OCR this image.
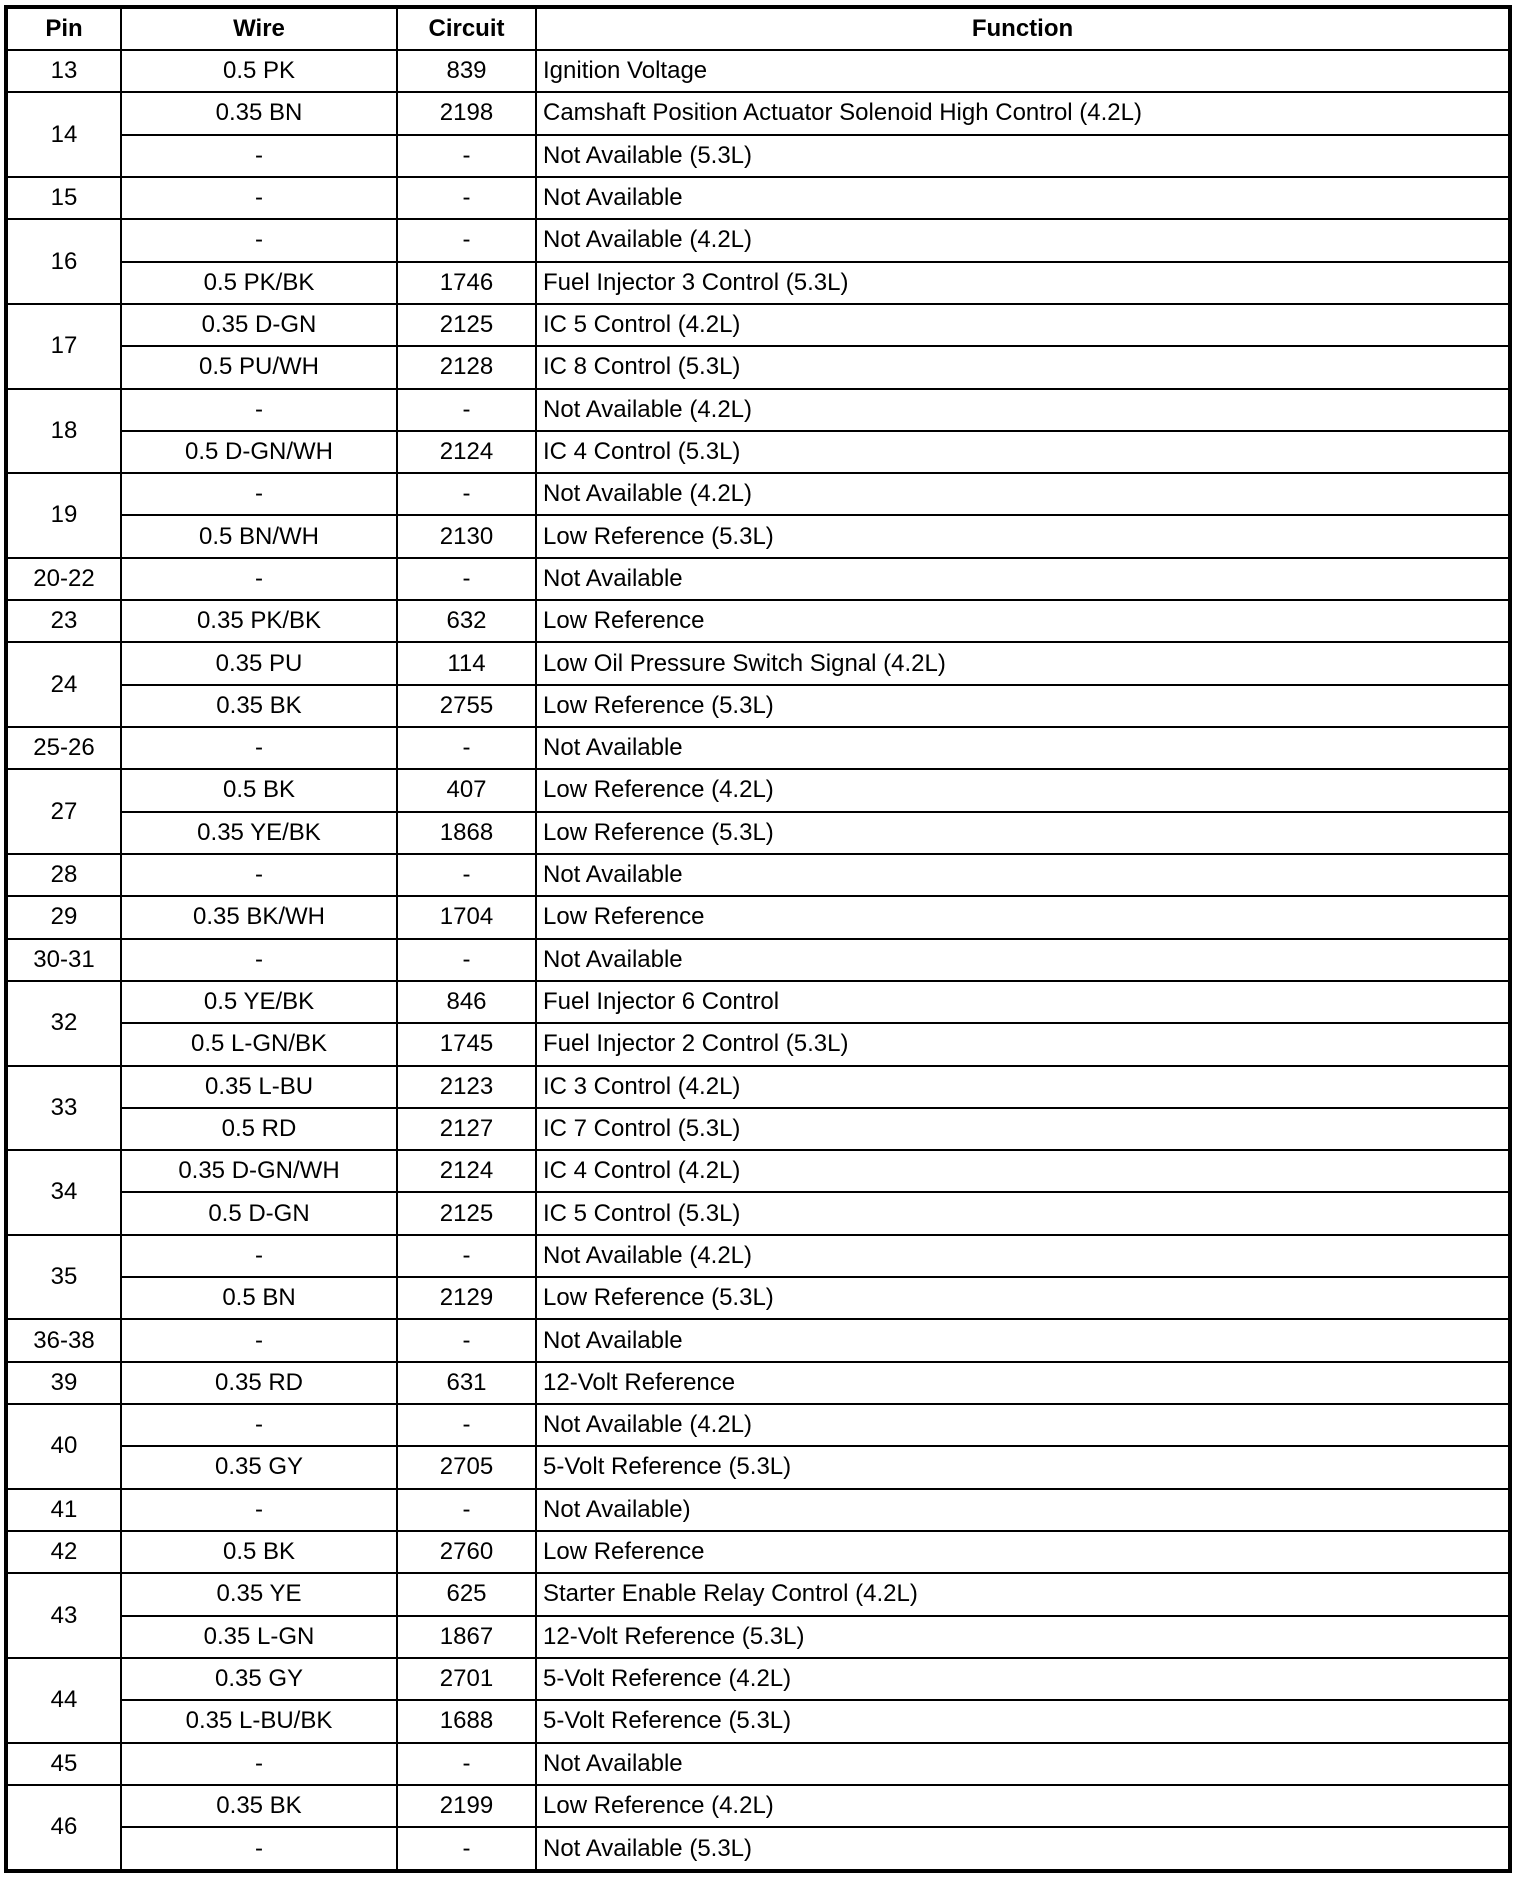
Pin	Wire	Circuit	Function
13	0.5 PK	839	Ignition Voltage
14	0.35 BN	2198	Camshaft Position Actuator Solenoid High Control (4.2L)
	-	-	Not Available (5.3L)
15	-	-	Not Available
16	-	-	Not Available (4.2L)
	0.5 PK/BK	1746	Fuel Injector 3 Control (5.3L)
17	0.35 D-GN	2125	IC 5 Control (4.2L)
	0.5 PU/WH	2128	IC 8 Control (5.3L)
18	-	-	Not Available (4.2L)
	0.5 D-GN/WH	2124	IC 4 Control (5.3L)
19	-	-	Not Available (4.2L)
	0.5 BN/WH	2130	Low Reference (5.3L)
20-22	-	-	Not Available
23	0.35 PK/BK	632	Low Reference
24	0.35 PU	114	Low Oil Pressure Switch Signal (4.2L)
	0.35 BK	2755	Low Reference (5.3L)
25-26	-	-	Not Available
27	0.5 BK	407	Low Reference (4.2L)
	0.35 YE/BK	1868	Low Reference (5.3L)
28	-	-	Not Available
29	0.35 BK/WH	1704	Low Reference
30-31	-	-	Not Available
32	0.5 YE/BK	846	Fuel Injector 6 Control
	0.5 L-GN/BK	1745	Fuel Injector 2 Control (5.3L)
33	0.35 L-BU	2123	IC 3 Control (4.2L)
	0.5 RD	2127	IC 7 Control (5.3L)
34	0.35 D-GN/WH	2124	IC 4 Control (4.2L)
	0.5 D-GN	2125	IC 5 Control (5.3L)
35	-	-	Not Available (4.2L)
	0.5 BN	2129	Low Reference (5.3L)
36-38	-	-	Not Available
39	0.35 RD	631	12-Volt Reference
40	-	-	Not Available (4.2L)
	0.35 GY	2705	5-Volt Reference (5.3L)
41	-	-	Not Available)
42	0.5 BK	2760	Low Reference
43	0.35 YE	625	Starter Enable Relay Control (4.2L)
	0.35 L-GN	1867	12-Volt Reference (5.3L)
44	0.35 GY	2701	5-Volt Reference (4.2L)
	0.35 L-BU/BK	1688	5-Volt Reference (5.3L)
45	-	-	Not Available
46	0.35 BK	2199	Low Reference (4.2L)
	-	-	Not Available (5.3L)
